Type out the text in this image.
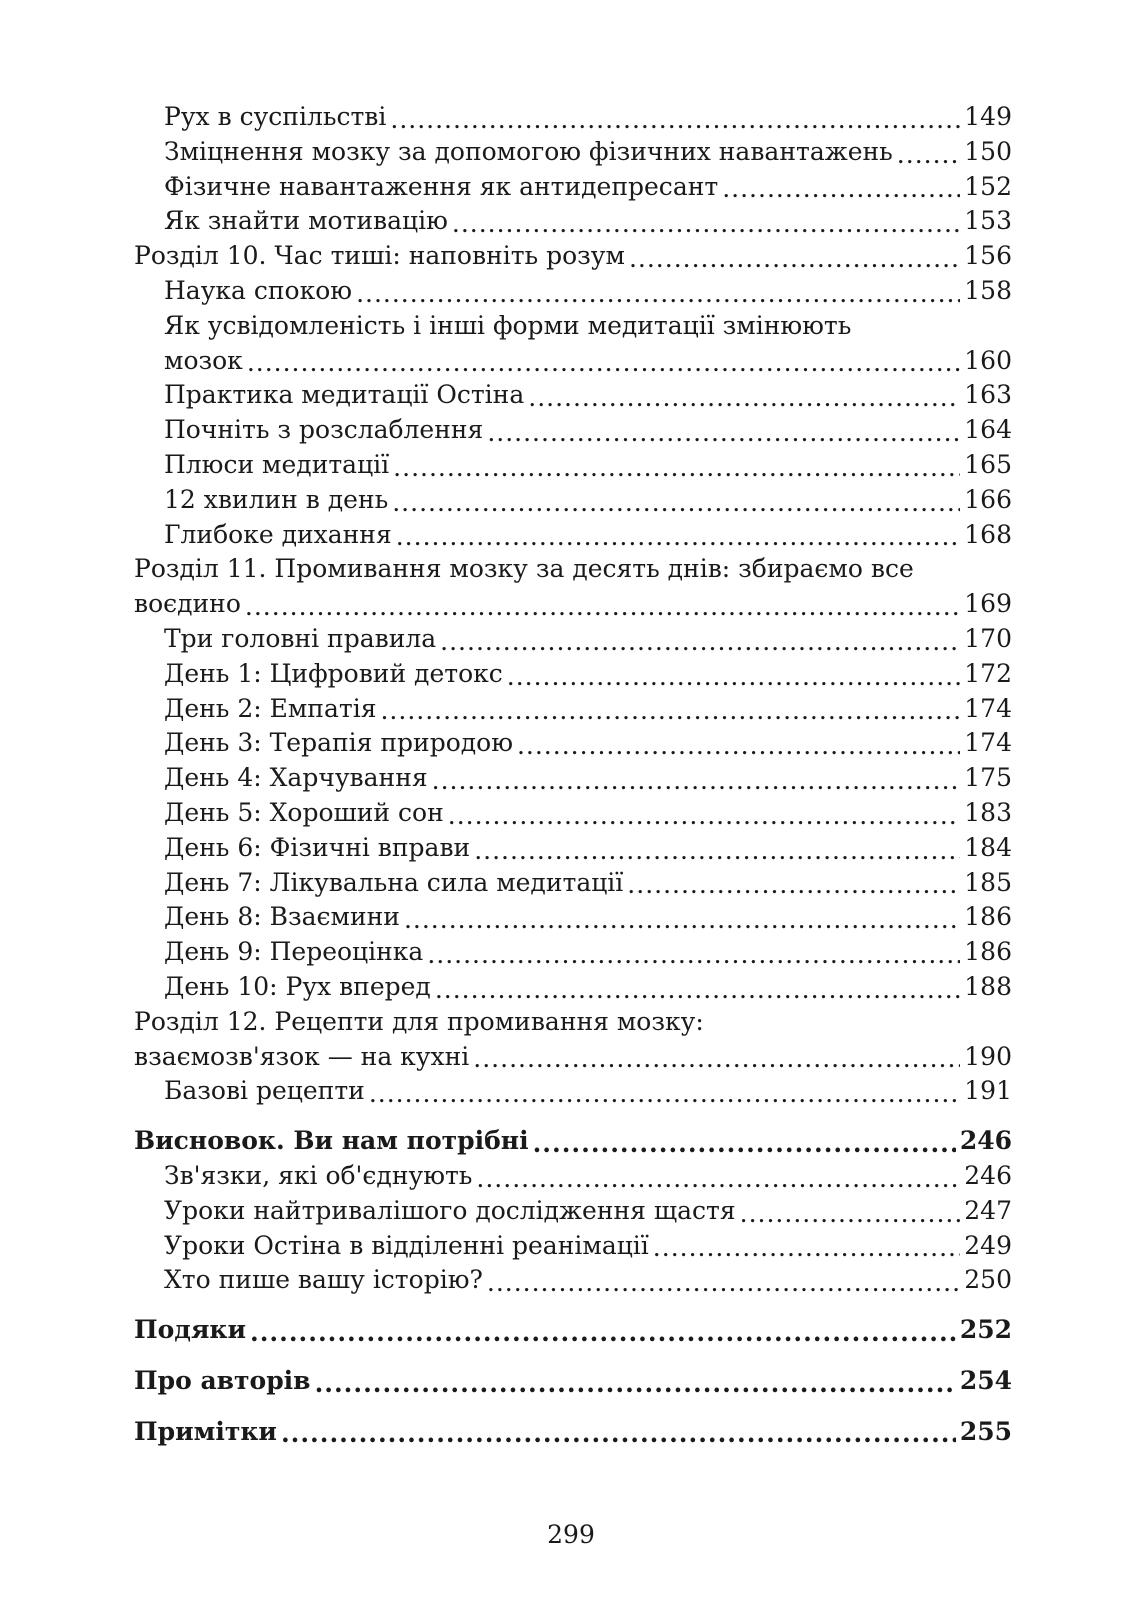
Рух в суспільстві .....	149
Зміцнення мозку за допомогою фізичних навантажень .....	150
Фізичне навантаження як антидепресант .....	152
Як знайти мотивацію .....	153
Розділ 10. Час тиші: наповніть розум .....	156
Наука спокою .....	158
Як усвідомленість і інші форми медитації змінюють
мозок .....	160
Практика медитації Остіна .....	163
Почніть з розслаблення .....	164
Плюси медитації .....	165
12 хвилин в день .....	166
Глибоке дихання .....	168
Розділ 11. Промивання мозку за десять днів: збираємо все
воєдино .....	169
Три головні правила .....	170
День 1: Цифровий детокс .....	172
День 2: Емпатія .....	174
День 3: Терапія природою .....	174
День 4: Харчування .....	175
День 5: Хороший сон .....	183
День 6: Фізичні вправи .....	184
День 7: Лікувальна сила медитації .....	185
День 8: Взаємини .....	186
День 9: Переоцінка .....	186
День 10: Рух вперед .....	188
Розділ 12. Рецепти для промивання мозку:
взаємозв'язок — на кухні .....	190
Базові рецепти .....	191
Висновок. Ви нам потрібні .....	246
Зв'язки, які об'єднують .....	246
Уроки найтривалішого дослідження щастя .....	247
Уроки Остіна в відділенні реанімації .....	249
Хто пише вашу історію? .....	250
Подяки .....	252
Про авторів .....	254
Примітки .....	255
299
